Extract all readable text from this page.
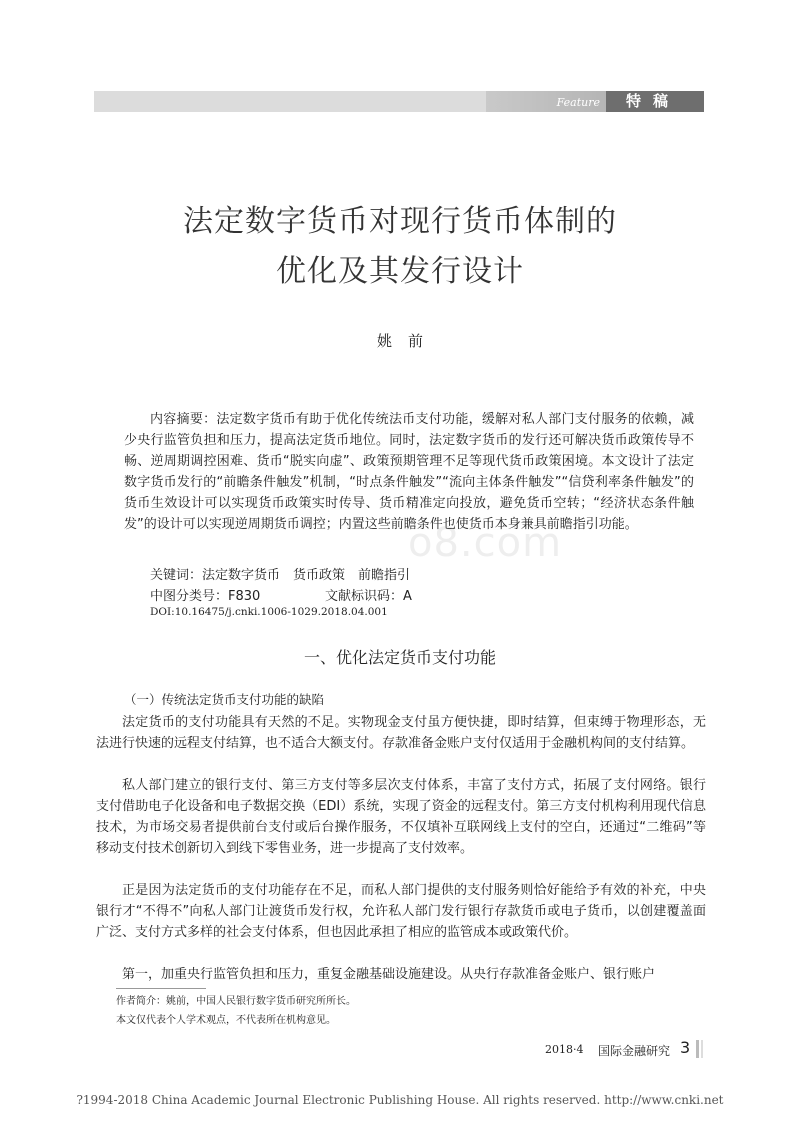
Feature	特稿
法定数字货币对现行货币体制的
优化及其发行设计
姚前
内容摘要：法定数字货币有助于优化传统法币支付功能，缓解对私人部门支付服务的依赖，减少央行监管负担和压力，提高法定货币地位。同时，法定数字货币的发行还可解决货币政策传导不畅、逆周期调控困难、货币“脱实向虚”、政策预期管理不足等现代货币政策困境。本文设计了法定数字货币发行的“前瞻条件触发”机制，“时点条件触发”“流向主体条件触发”“信贷利率条件触发”的货币生效设计可以实现货币政策实时传导、货币精准定向投放，避免货币空转；“经济状态条件触发”的设计可以实现逆周期货币调控；内置这些前瞻条件也使货币本身兼具前瞻指引功能。
o8.com
关键词：法定数字货币　货币政策　前瞻指引
中图分类号：F830	文献标识码：A
DOI:10.16475/j.cnki.1006-1029.2018.04.001
一、优化法定货币支付功能
（一）传统法定货币支付功能的缺陷
法定货币的支付功能具有天然的不足。实物现金支付虽方便快捷，即时结算，但束缚于物理形态，无法进行快速的远程支付结算，也不适合大额支付。存款准备金账户支付仅适用于金融机构间的支付结算。
私人部门建立的银行支付、第三方支付等多层次支付体系，丰富了支付方式，拓展了支付网络。银行支付借助电子化设备和电子数据交换（EDI）系统，实现了资金的远程支付。第三方支付机构利用现代信息技术，为市场交易者提供前台支付或后台操作服务，不仅填补互联网线上支付的空白，还通过“二维码”等移动支付技术创新切入到线下零售业务，进一步提高了支付效率。
正是因为法定货币的支付功能存在不足，而私人部门提供的支付服务则恰好能给予有效的补充，中央银行才“不得不”向私人部门让渡货币发行权，允许私人部门发行银行存款货币或电子货币，以创建覆盖面广泛、支付方式多样的社会支付体系，但也因此承担了相应的监管成本或政策代价。
第一，加重央行监管负担和压力，重复金融基础设施建设。从央行存款准备金账户、银行账户
作者简介：姚前，中国人民银行数字货币研究所所长。
本文仅代表个人学术观点，不代表所在机构意见。
2018·4 国际金融研究 3
?1994-2018 China Academic Journal Electronic Publishing House. All rights reserved. http://www.cnki.net
